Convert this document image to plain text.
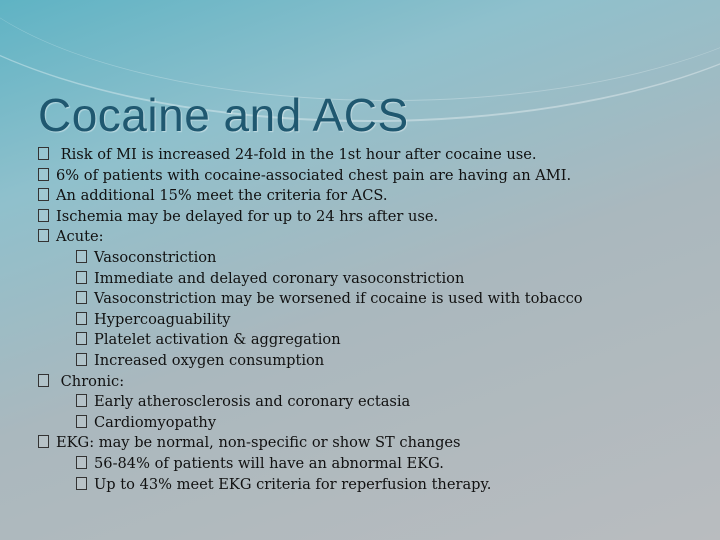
Cocaine and ACS
Risk of MI is increased 24-fold in the 1st hour after cocaine use.
6% of patients with cocaine-associated chest pain are having an AMI.
An additional 15% meet the criteria for ACS.
Ischemia may be delayed for up to 24 hrs after use.
Acute:
Vasoconstriction
Immediate and delayed coronary vasoconstriction
Vasoconstriction may be worsened if cocaine is used with tobacco
Hypercoaguability
Platelet activation & aggregation
Increased oxygen consumption
Chronic:
Early atherosclerosis and coronary ectasia
Cardiomyopathy
EKG: may be normal, non-specific or show ST changes
56-84% of patients will have an abnormal EKG.
Up to 43% meet EKG criteria for reperfusion therapy.
